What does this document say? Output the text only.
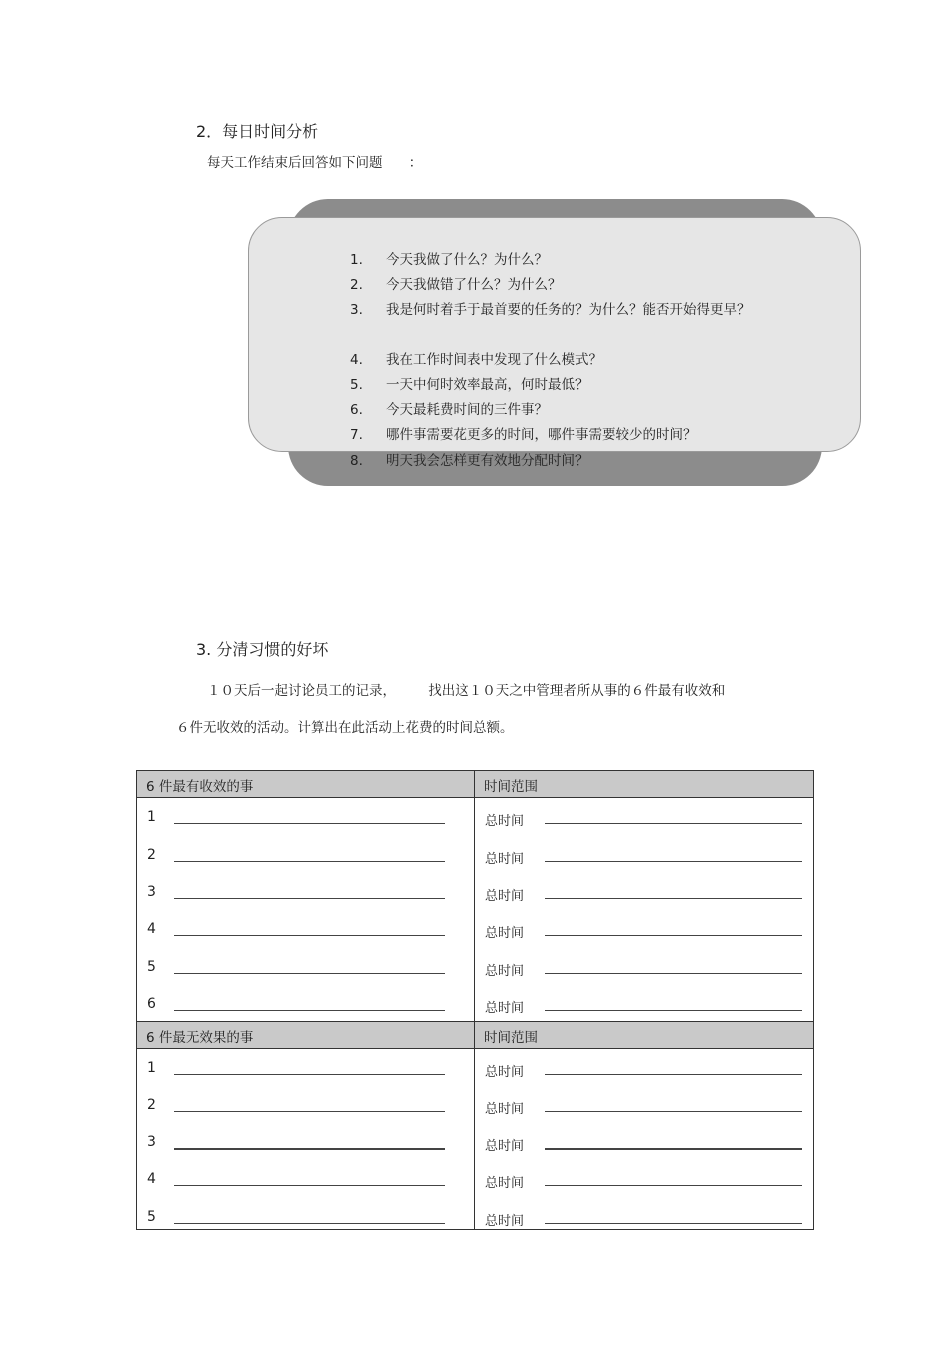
2．每日时间分析
每天工作结束后回答如下问题 ：
1.	今天我做了什么？为什么？
2.	今天我做错了什么？为什么？
3.	我是何时着手于最首要的任务的？为什么？能否开始得更早？
4.	我在工作时间表中发现了什么模式？
5.	一天中何时效率最高，何时最低？
6.	今天最耗费时间的三件事？
7.	哪件事需要花更多的时间，哪件事需要较少的时间？
8.	明天我会怎样更有效地分配时间？
3. 分清习惯的好坏
１０天后一起讨论员工的记录， 找出这１０天之中管理者所从事的６件最有收效和
６件无收效的活动。计算出在此活动上花费的时间总额。
6 件最有收效的事	时间范围
1	总时间
2	总时间
3	总时间
4	总时间
5	总时间
6	总时间
6 件最无效果的事	时间范围
1	总时间
2	总时间
3	总时间
4	总时间
5	总时间
